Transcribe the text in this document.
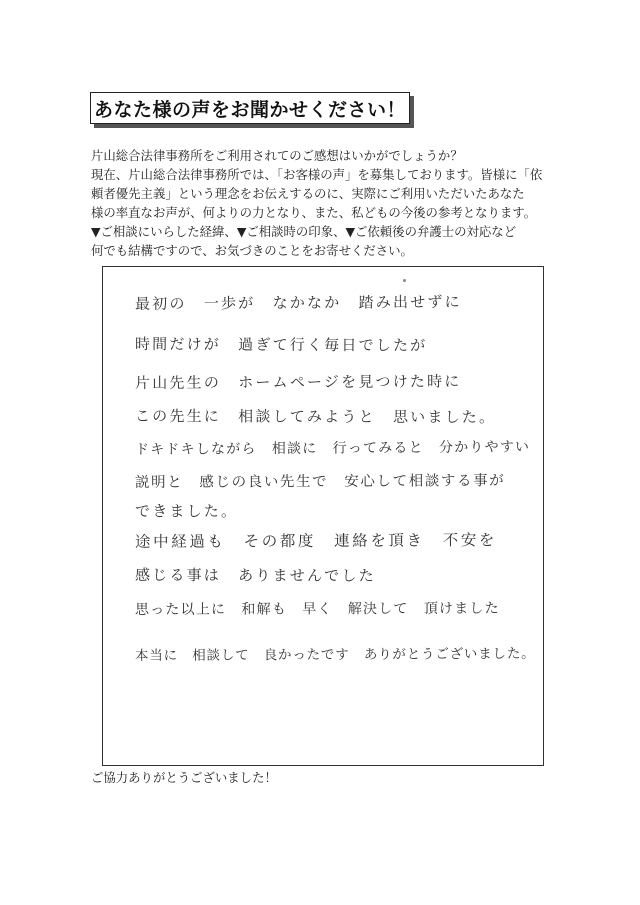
あなた様の声をお聞かせください！

片山総合法律事務所をご利用されてのご感想はいかがでしょうか？

現在、片山総合法律事務所では、「お客様の声」を募集しております。皆様に「依

頼者優先主義」という理念をお伝えするのに、実際にご利用いただいたあなた

様の率直なお声が、何よりの力となり、また、私どもの今後の参考となります。

▼ご相談にいらした経緯、▼ご相談時の印象、▼ご依頼後の弁護士の対応など

何でも結構ですので、お気づきのことをお寄せください。

最初の　一歩が　なかなか　踏み出せずに
時間だけが　過ぎて行く毎日でしたが
片山先生の　ホームページを見つけた時に
この先生に　相談してみようと　思いました。
ドキドキしながら　相談に　行ってみると　分かりやすい
説明と　感じの良い先生で　安心して相談する事が
できました。
途中経過も　その都度　連絡を頂き　不安を
感じる事は　ありませんでした
思った以上に　和解も　早く　解決して　頂けました
本当に　相談して　良かったです　ありがとうございました。
ご協力ありがとうございました！
